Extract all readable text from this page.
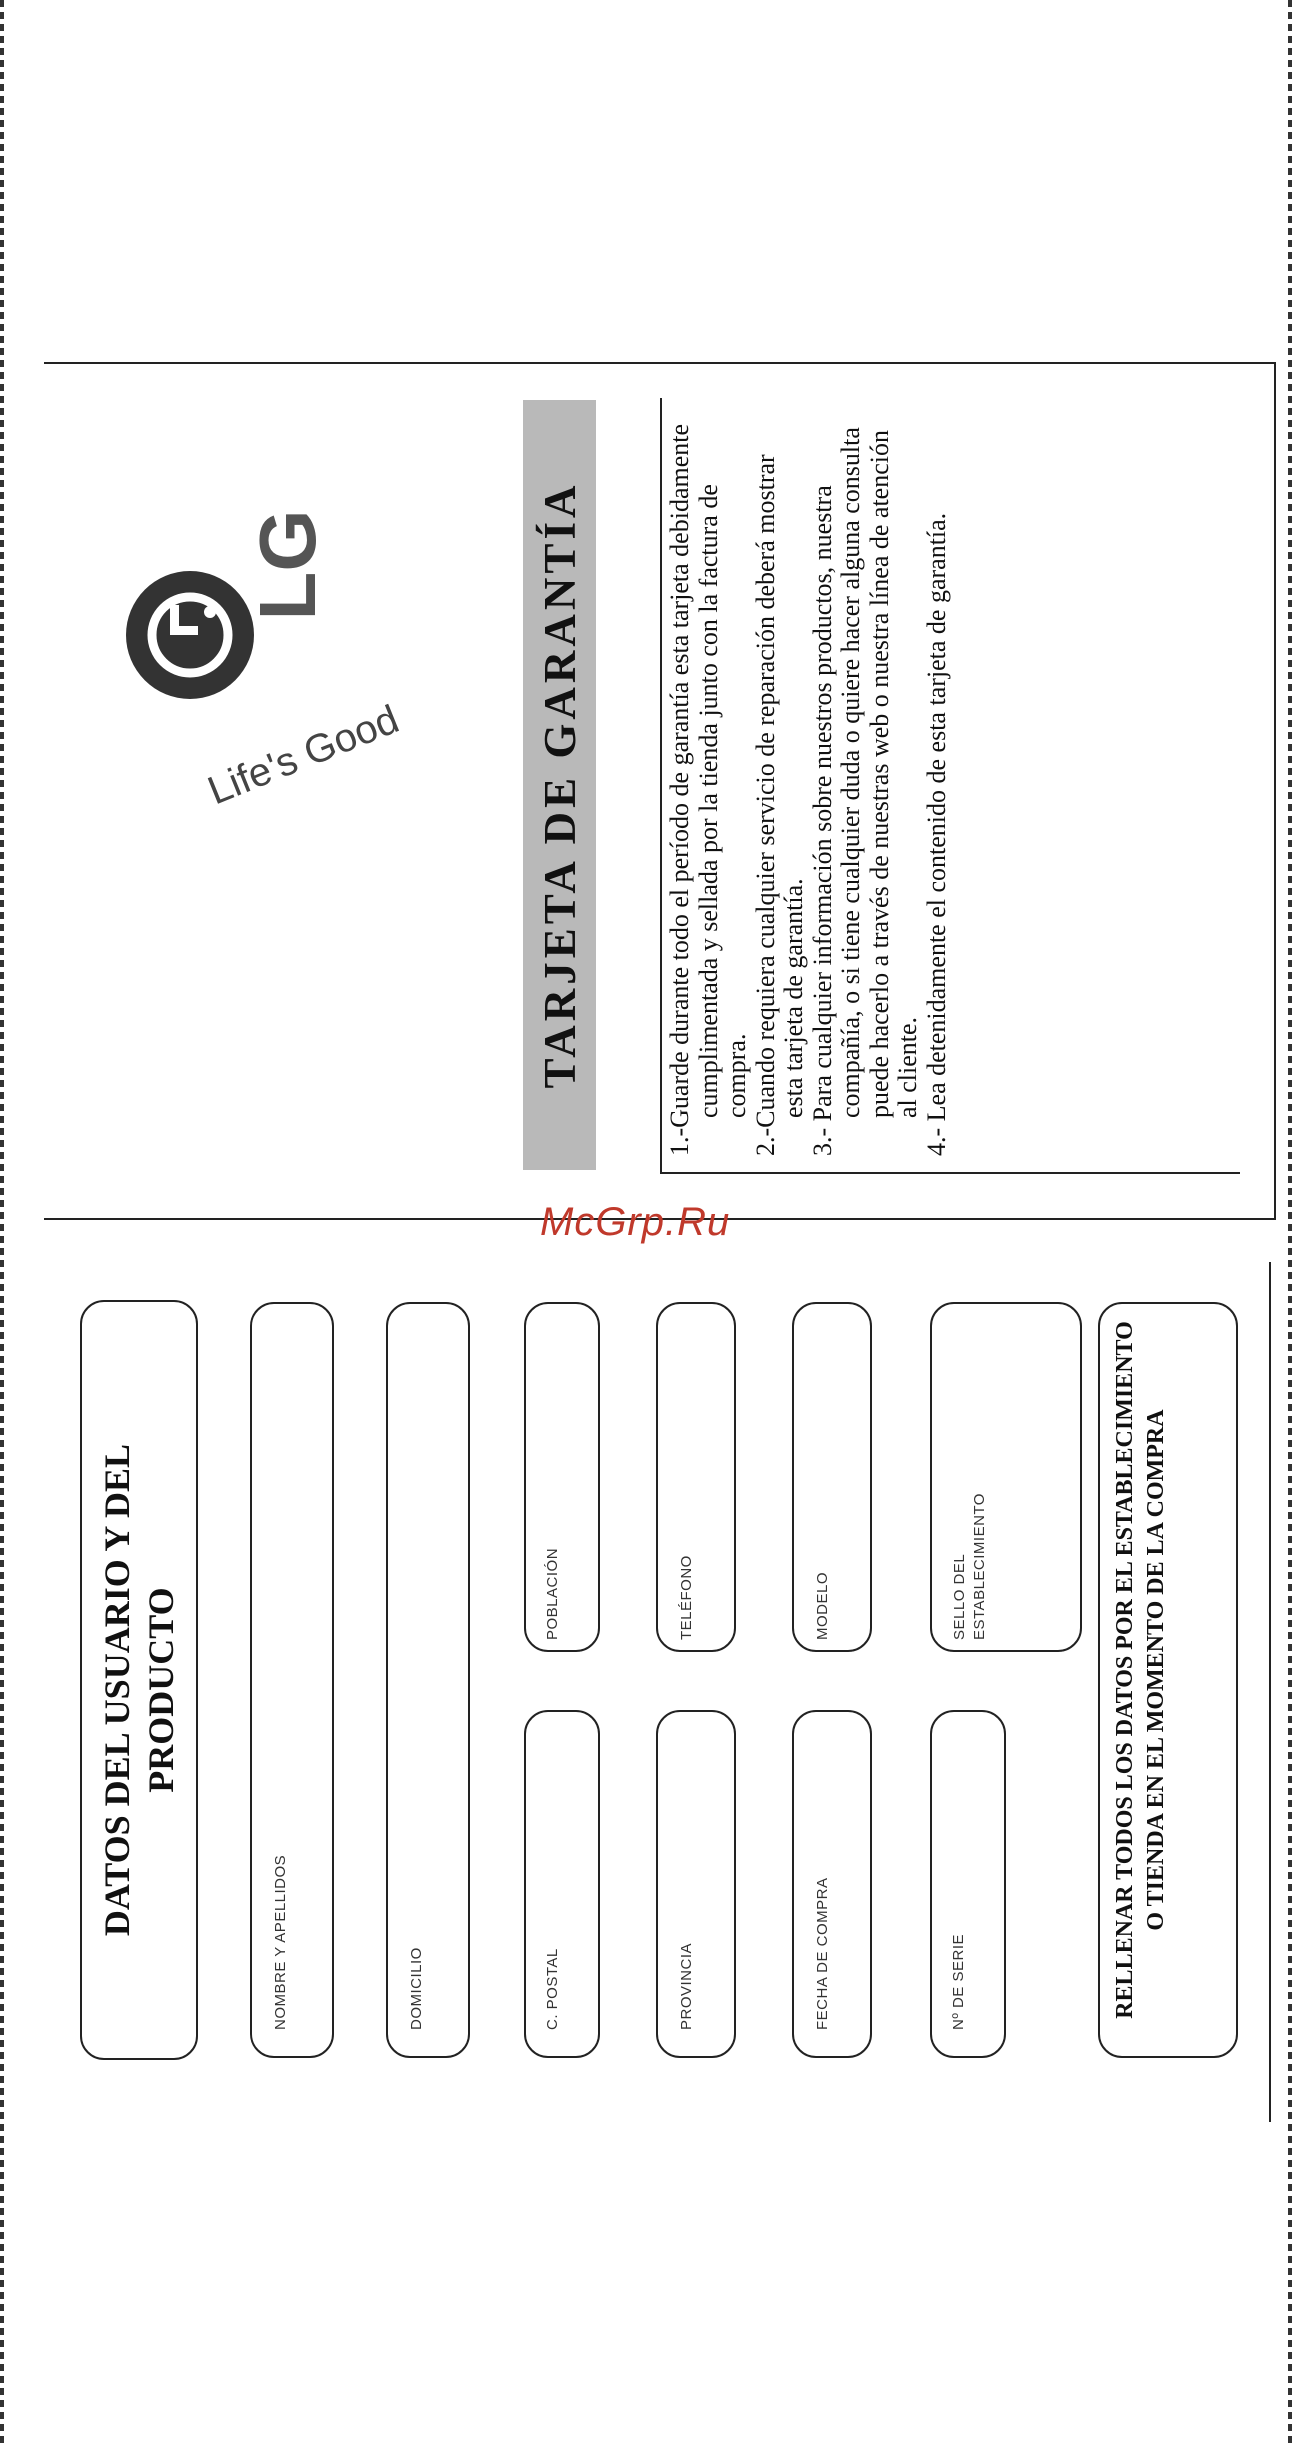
LG
Life's Good	TARJETA DE GARANTÍA	1.-Guarde durante todo el período de garantía esta tarjeta debidamente cumplimentada y sellada por la tienda junto con la factura de compra. 2.-Cuando requiera cualquier servicio de reparación deberá mostrar esta tarjeta de garantía. 3.- Para cualquier información sobre nuestros productos, nuestra compañía, o si tiene cualquier duda o quiere hacer alguna consulta puede hacerlo a través de nuestras web o nuestra línea de atención al cliente. 4.- Lea detenidamente el contenido de esta tarjeta de garantía.

McGrp.Ru
DATOS DEL USUARIO Y DEL PRODUCTO
NOMBRE Y APELLIDOS	DOMICILIO	C. POSTAL
POBLACIÓN
PROVINCIA
TELÉFONO
FECHA DE COMPRA
MODELO
Nº DE SERIE
SELLO DEL ESTABLECIMIENTO	RELLENAR TODOS LOS DATOS POR EL ESTABLECIMIENTO O TIENDA EN EL MOMENTO DE LA COMPRA
